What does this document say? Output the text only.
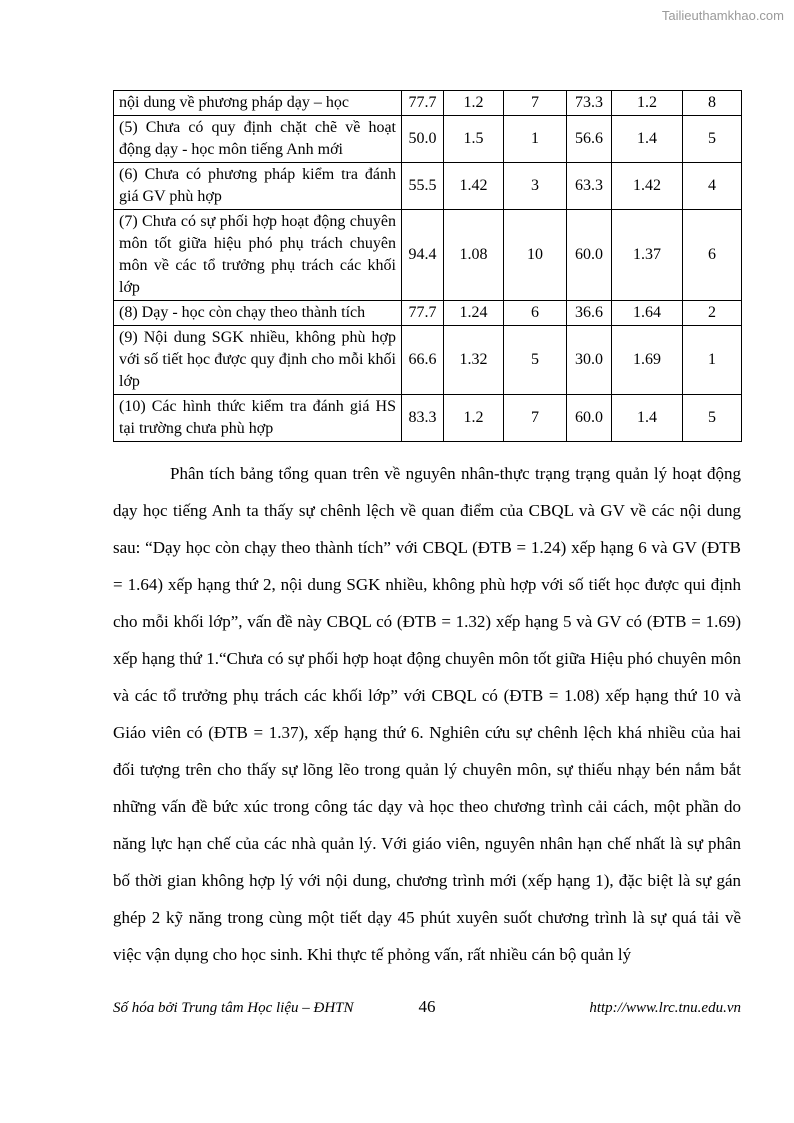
Tailieuthamkhao.com
nội dung về phương pháp dạy – học	77.7	1.2	7	73.3	1.2	8
(5) Chưa có quy định chặt chẽ về hoạt động dạy - học môn tiếng Anh mới	50.0	1.5	1	56.6	1.4	5
(6) Chưa có phương pháp kiểm tra đánh giá GV phù hợp	55.5	1.42	3	63.3	1.42	4
(7) Chưa có sự phối hợp hoạt động chuyên môn tốt giữa hiệu phó phụ trách chuyên môn về các tổ trưởng phụ trách các khối lớp	94.4	1.08	10	60.0	1.37	6
(8) Dạy - học còn chạy theo thành tích	77.7	1.24	6	36.6	1.64	2
(9) Nội dung SGK nhiều, không phù hợp với số tiết học được quy định cho mỗi khối lớp	66.6	1.32	5	30.0	1.69	1
(10) Các hình thức kiểm tra đánh giá HS tại trường chưa phù hợp	83.3	1.2	7	60.0	1.4	5
Phân tích bảng tổng quan trên về nguyên nhân-thực trạng trạng quản lý hoạt động dạy học tiếng Anh ta thấy sự chênh lệch về quan điểm của CBQL và GV về các nội dung sau: “Dạy học còn chạy theo thành tích” với CBQL (ĐTB = 1.24) xếp hạng 6 và GV (ĐTB = 1.64) xếp hạng thứ 2, nội dung SGK nhiều, không phù hợp với số tiết học được qui định cho mỗi khối lớp”, vấn đề này CBQL có (ĐTB = 1.32) xếp hạng 5 và GV có (ĐTB = 1.69) xếp hạng thứ 1.“Chưa có sự phối hợp hoạt động chuyên môn tốt giữa Hiệu phó chuyên môn và các tổ trưởng phụ trách các khối lớp” với CBQL có (ĐTB = 1.08) xếp hạng thứ 10 và Giáo viên có (ĐTB = 1.37), xếp hạng thứ 6. Nghiên cứu sự chênh lệch khá nhiều của hai đối tượng trên cho thấy sự lõng lẽo trong quản lý chuyên môn, sự thiếu nhạy bén nắm bắt những vấn đề bức xúc trong công tác dạy và học theo chương trình cải cách, một phần do năng lực hạn chế của các nhà quản lý. Với giáo viên, nguyên nhân hạn chế nhất là sự phân bố thời gian không hợp lý với nội dung, chương trình mới (xếp hạng 1), đặc biệt là sự gán ghép 2 kỹ năng trong cùng một tiết dạy 45 phút xuyên suốt chương trình là sự quá tải về việc vận dụng cho học sinh. Khi thực tế phỏng vấn, rất nhiều cán bộ quản lý
Số hóa bởi Trung tâm Học liệu – ĐHTN	46	http://www.lrc.tnu.edu.vn
